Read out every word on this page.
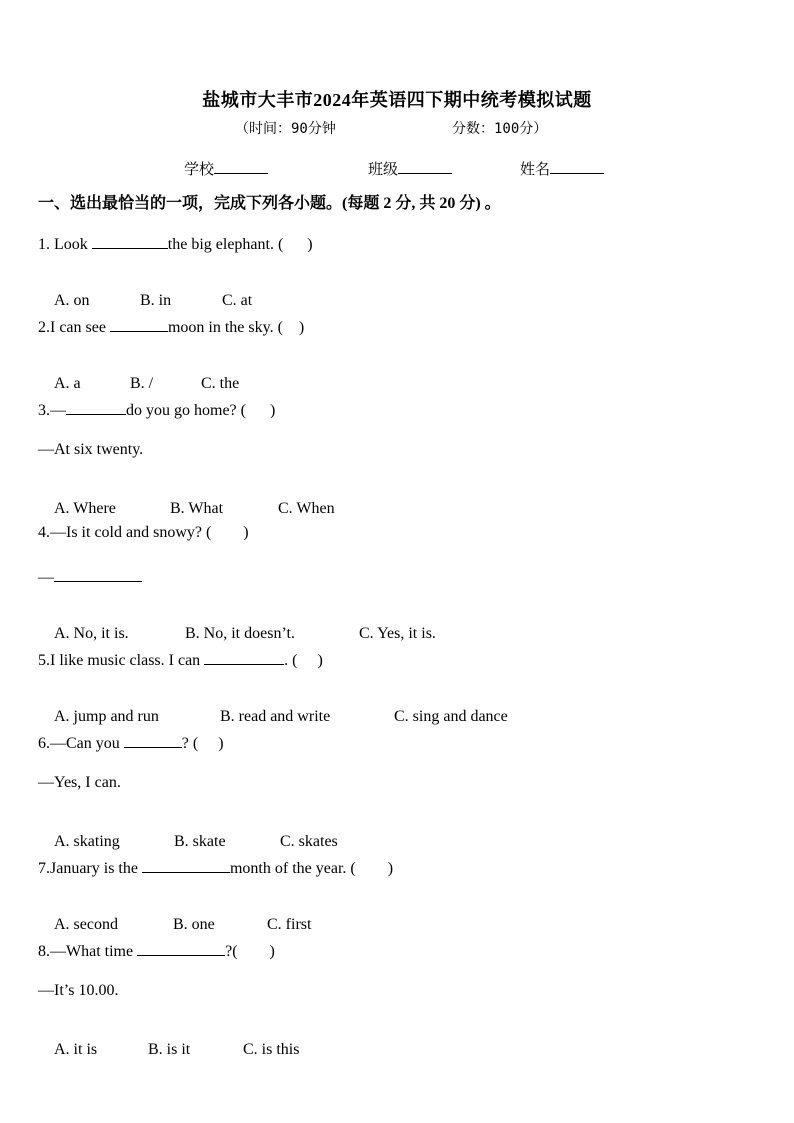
盐城市大丰市2024年英语四下期中统考模拟试题
（时间：90分钟	分数：100分）
学校	班级	姓名
一、选出最恰当的一项，完成下列各小题。(每题 2 分, 共 20 分) 。
1. Look	the big elephant. (      )

A. on	B. in	C. at

2.I can see	moon in the sky. (    )

A. a	B. /	C. the

3.—	do you go home? (      )
—At six twenty.

A. Where	B. What	C. When

4.—Is it cold and snowy? (        )
—

A. No, it is.	B. No, it doesn’t.	C. Yes, it is.

5.I like music class. I can	. (     )

A. jump and run	B. read and write	C. sing and dance

6.—Can you	? (     )
—Yes, I can.

A. skating	B. skate	C. skates

7.January is the	month of the year. (        )

A. second	B. one	C. first

8.—What time	?(        )
—It’s 10.00.

A. it is	B. is it	C. is this
